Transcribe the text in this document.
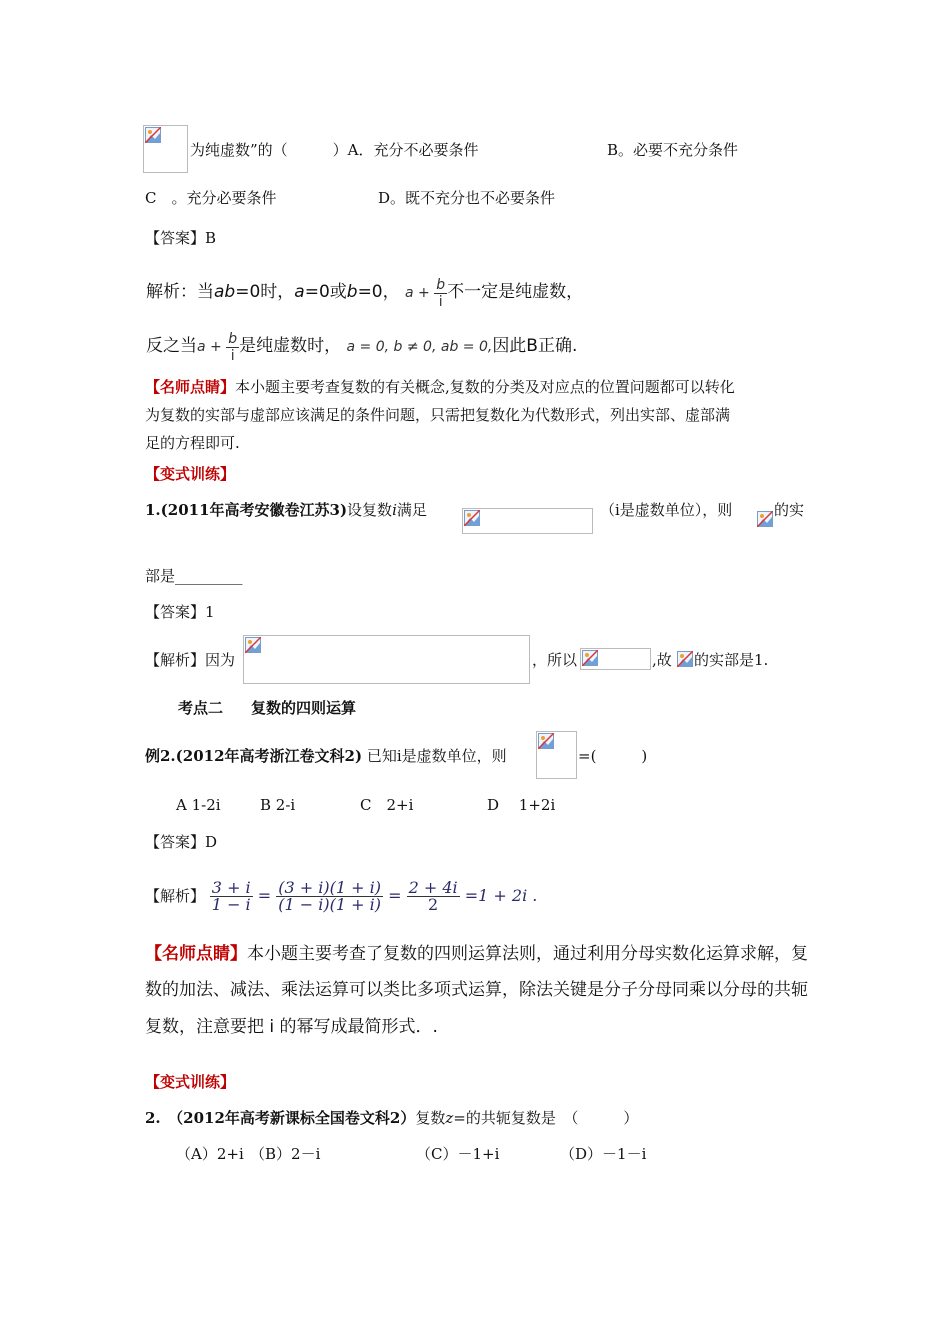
为纯虚数”的（　　　）A．充分不必要条件	B。必要不充分条件
C　。充分必要条件	D。既不充分也不必要条件
【答案】B
解析：当ab=0时，a=0或b=0， $a + \frac{b}{i}$ 不一定是纯虚数，
反之当$a + \frac{b}{i}$ 是纯虚数时， a = 0, b ≠ 0, ab = 0,因此B正确.
【名师点睛】本小题主要考查复数的有关概念,复数的分类及对应点的位置问题都可以转化
为复数的实部与虚部应该满足的条件问题，只需把复数化为代数形式，列出实部、虚部满
足的方程即可.
【变式训练】
1.(2011年高考安徽卷江苏3)设复数i满足	（i是虚数单位），则	的实
部是_________
【答案】1
【解析】因为	，所以	,故 的实部是1.
考点二 复数的四则运算
例2.(2012年高考浙江卷文科2) 已知i是虚数单位，则	=(　　　)
A 1-2i	B 2-i	C　2+i	D　 1+2i
【答案】D
【解析】 $\frac{3 + i}{1 - i} = \frac{(3 + i)(1 + i)}{(1 - i)(1 + i)} = \frac{2 + 4i}{2} =1 + 2i$ .
【名师点睛】本小题主要考查了复数的四则运算法则，通过利用分母实数化运算求解，复
数的加法、减法、乘法运算可以类比多项式运算，除法关键是分子分母同乘以分母的共轭
复数，注意要把 i 的幂写成最简形式．.
【变式训练】
2.　（2012年高考新课标全国卷文科2）复数z=的共轭复数是　（　　　）
（A）2+i （B）2－i	（C）－1+i	（D）－1－i
